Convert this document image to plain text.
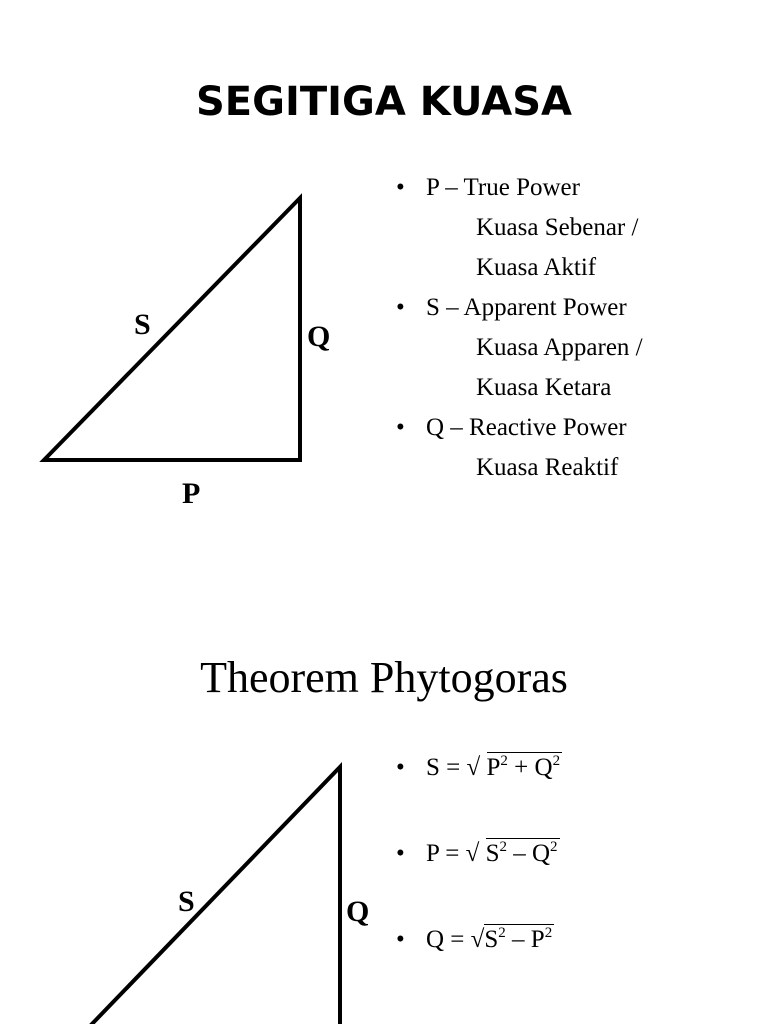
SEGITIGA KUASA
S	Q
P
• P – True Power
Kuasa Sebenar /
Kuasa Aktif
• S – Apparent Power
Kuasa Apparen /
Kuasa Ketara
• Q – Reactive Power
Kuasa Reaktif
Theorem Phytogoras
S	Q
• S = √ $P^2 + Q^2$
• P = √ $S^2 - Q^2$
• $Q = √S^2 - P^2$
